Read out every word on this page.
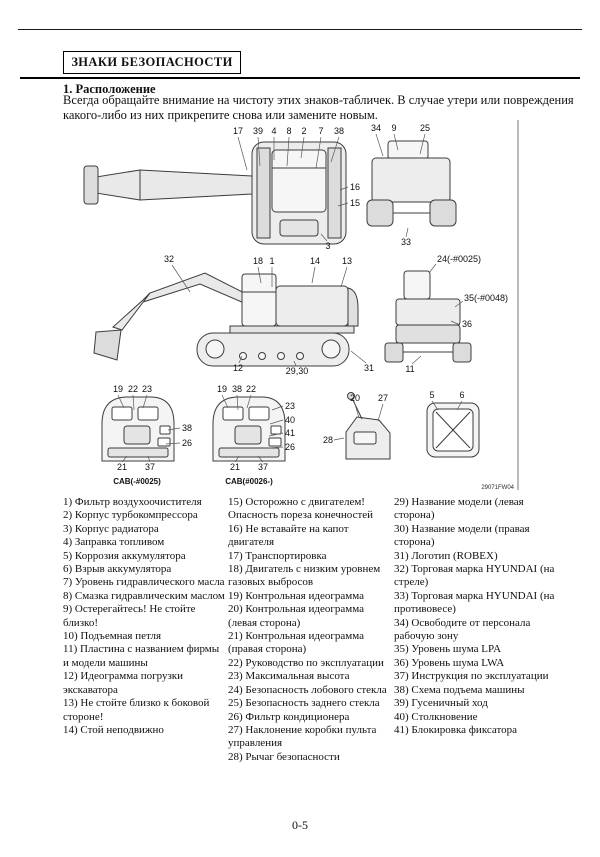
ЗНАКИ БЕЗОПАСНОСТИ
1. Расположение

Всегда обращайте внимание на чистоту этих знаков-табличек. В случае утери или повреждения какого-либо из них прикрепите снова или замените новым.

17 39 4 8 2 7 38
16
15
3
34 9	25
33
32	18 1	14 13
12	29,30	31
24(-#0025)
35(-#0048)
36
11
19 22 23
38
26
21 37
19 38 22
23
40
41
26
21 37
20 27
28
5	6
CAB(-#0025)	CAB(#0026-)
29071FW04
1) Фильтр воздухоочистителя
2) Корпус турбокомпрессора
3) Корпус радиатора
4) Заправка топливом
5) Коррозия аккумулятора
6) Взрыв аккумулятора
7) Уровень гидравлического масла
8) Смазка гидравлическим маслом
9) Остерегайтесь! Не стойте близко!
10) Подъемная петля
11) Пластина с названием фирмы и модели машины
12) Идеограмма погрузки экскаватора
13) Не стойте близко к боковой стороне!
14) Стой неподвижно
15) Осторожно с двигателем! Опасность пореза конечностей
16) Не вставайте на капот двигателя
17) Транспортировка
18) Двигатель с низким уровнем газовых выбросов
19) Контрольная идеограмма
20) Контрольная идеограмма (левая сторона)
21) Контрольная идеограмма (правая сторона)
22) Руководство по эксплуатации
23) Максимальная высота
24) Безопасность лобового стекла
25) Безопасность заднего стекла
26) Фильтр кондиционера
27) Наклонение коробки пульта управления
28) Рычаг безопасности
29) Название модели (левая сторона)
30) Название модели (правая сторона)
31) Логотип (ROBEX)
32) Торговая марка HYUNDAI (на стреле)
33) Торговая марка HYUNDAI (на противовесе)
34) Освободите от персонала рабочую зону
35) Уровень шума LPA
36) Уровень шума LWA
37) Инструкция по эксплуатации
38) Схема подъема машины
39) Гусеничный ход
40) Столкновение
41) Блокировка фиксатора
0-5
